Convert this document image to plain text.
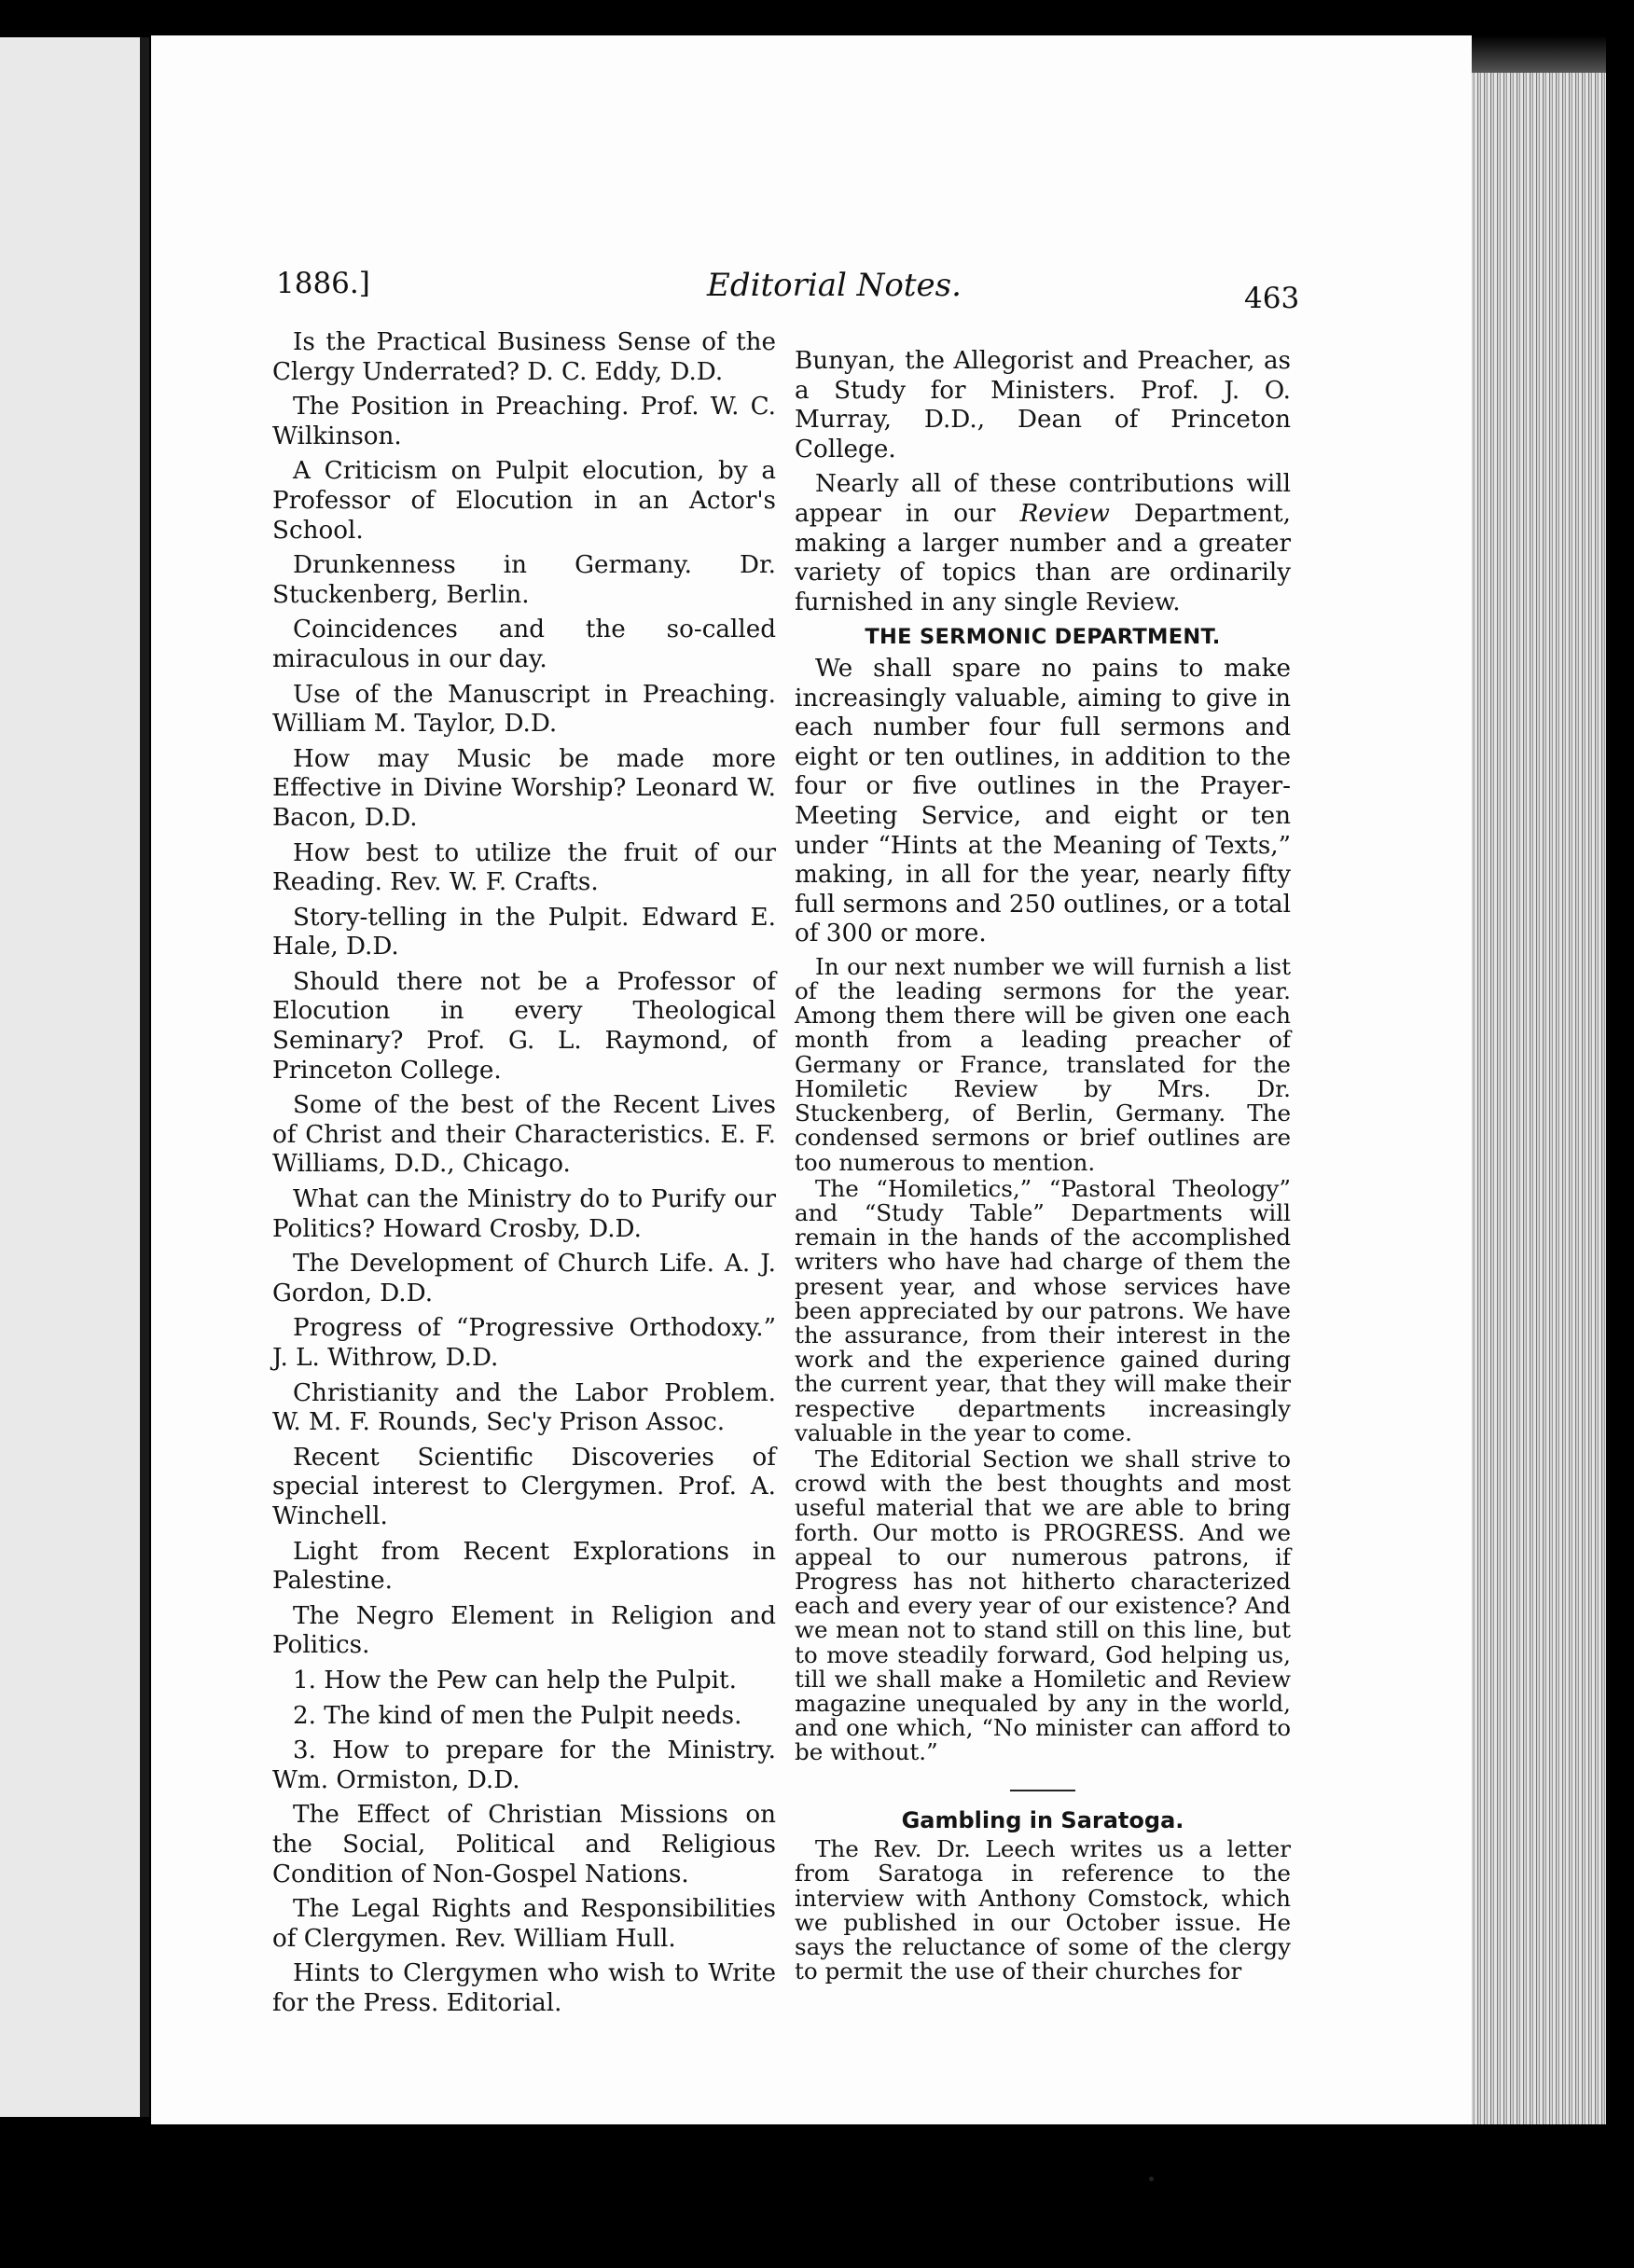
1886.]	Editorial Notes.	463

Is the Practical Business Sense of the Clergy Underrated? D. C. Eddy, D.D.

The Position in Preaching. Prof. W. C. Wilkinson.

A Criticism on Pulpit elocution, by a Professor of Elocution in an Actor's School.

Drunkenness in Germany. Dr. Stuckenberg, Berlin.

Coincidences and the so-called miraculous in our day.

Use of the Manuscript in Preaching. William M. Taylor, D.D.

How may Music be made more Effective in Divine Worship? Leonard W. Bacon, D.D.

How best to utilize the fruit of our Reading. Rev. W. F. Crafts.

Story-telling in the Pulpit. Edward E. Hale, D.D.

Should there not be a Professor of Elocution in every Theological Seminary? Prof. G. L. Raymond, of Princeton College.

Some of the best of the Recent Lives of Christ and their Characteristics. E. F. Williams, D.D., Chicago.

What can the Ministry do to Purify our Politics? Howard Crosby, D.D.

The Development of Church Life. A. J. Gordon, D.D.

Progress of “Progressive Orthodoxy.” J. L. Withrow, D.D.

Christianity and the Labor Problem. W. M. F. Rounds, Sec'y Prison Assoc.

Recent Scientific Discoveries of special interest to Clergymen. Prof. A. Winchell.

Light from Recent Explorations in Palestine.

The Negro Element in Religion and Politics.

1. How the Pew can help the Pulpit.

2. The kind of men the Pulpit needs.

3. How to prepare for the Ministry. Wm. Ormiston, D.D.

The Effect of Christian Missions on the Social, Political and Religious Condition of Non-Gospel Nations.

The Legal Rights and Responsibilities of Clergymen. Rev. William Hull.

Hints to Clergymen who wish to Write for the Press. Editorial.

Bunyan, the Allegorist and Preacher, as a Study for Ministers. Prof. J. O. Murray, D.D., Dean of Princeton College.

Nearly all of these contributions will appear in our Review Department, making a larger number and a greater variety of topics than are ordinarily furnished in any single Review.

THE SERMONIC DEPARTMENT.

We shall spare no pains to make increasingly valuable, aiming to give in each number four full sermons and eight or ten outlines, in addition to the four or five outlines in the Prayer-Meeting Service, and eight or ten under “Hints at the Meaning of Texts,” making, in all for the year, nearly fifty full sermons and 250 outlines, or a total of 300 or more.

In our next number we will furnish a list of the leading sermons for the year. Among them there will be given one each month from a leading preacher of Germany or France, translated for the Homiletic Review by Mrs. Dr. Stuckenberg, of Berlin, Germany. The condensed sermons or brief outlines are too numerous to mention.

The “Homiletics,” “Pastoral Theology” and “Study Table” Departments will remain in the hands of the accomplished writers who have had charge of them the present year, and whose services have been appreciated by our patrons. We have the assurance, from their interest in the work and the experience gained during the current year, that they will make their respective departments increasingly valuable in the year to come.

The Editorial Section we shall strive to crowd with the best thoughts and most useful material that we are able to bring forth. Our motto is PROGRESS. And we appeal to our numerous patrons, if Progress has not hitherto characterized each and every year of our existence? And we mean not to stand still on this line, but to move steadily forward, God helping us, till we shall make a Homiletic and Review magazine unequaled by any in the world, and one which, “No minister can afford to be without.”

Gambling in Saratoga.

The Rev. Dr. Leech writes us a letter from Saratoga in reference to the interview with Anthony Comstock, which we published in our October issue. He says the reluctance of some of the clergy to permit the use of their churches for
